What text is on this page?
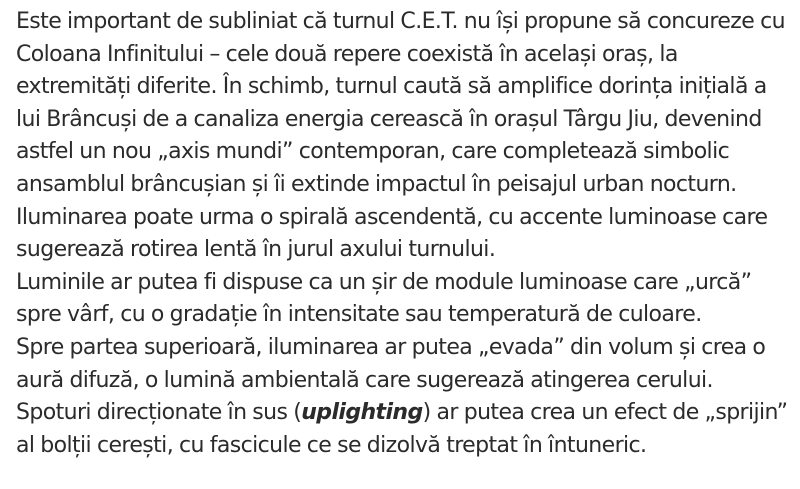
Este important de subliniat că turnul C.E.T. nu își propune să concureze cu
Coloana Infinitului – cele două repere coexistă în același oraș, la
extremități diferite. În schimb, turnul caută să amplifice dorința inițială a
lui Brâncuși de a canaliza energia cerească în orașul Târgu Jiu, devenind
astfel un nou „axis mundi” contemporan, care completează simbolic
ansamblul brâncușian și îi extinde impactul în peisajul urban nocturn.
Iluminarea poate urma o spirală ascendentă, cu accente luminoase care
sugerează rotirea lentă în jurul axului turnului.
Luminile ar putea fi dispuse ca un șir de module luminoase care „urcă”
spre vârf, cu o gradație în intensitate sau temperatură de culoare.
Spre partea superioară, iluminarea ar putea „evada” din volum și crea o
aură difuză, o lumină ambientală care sugerează atingerea cerului.
Spoturi direcționate în sus (uplighting) ar putea crea un efect de „sprijin”
al bolții cerești, cu fascicule ce se dizolvă treptat în întuneric.
